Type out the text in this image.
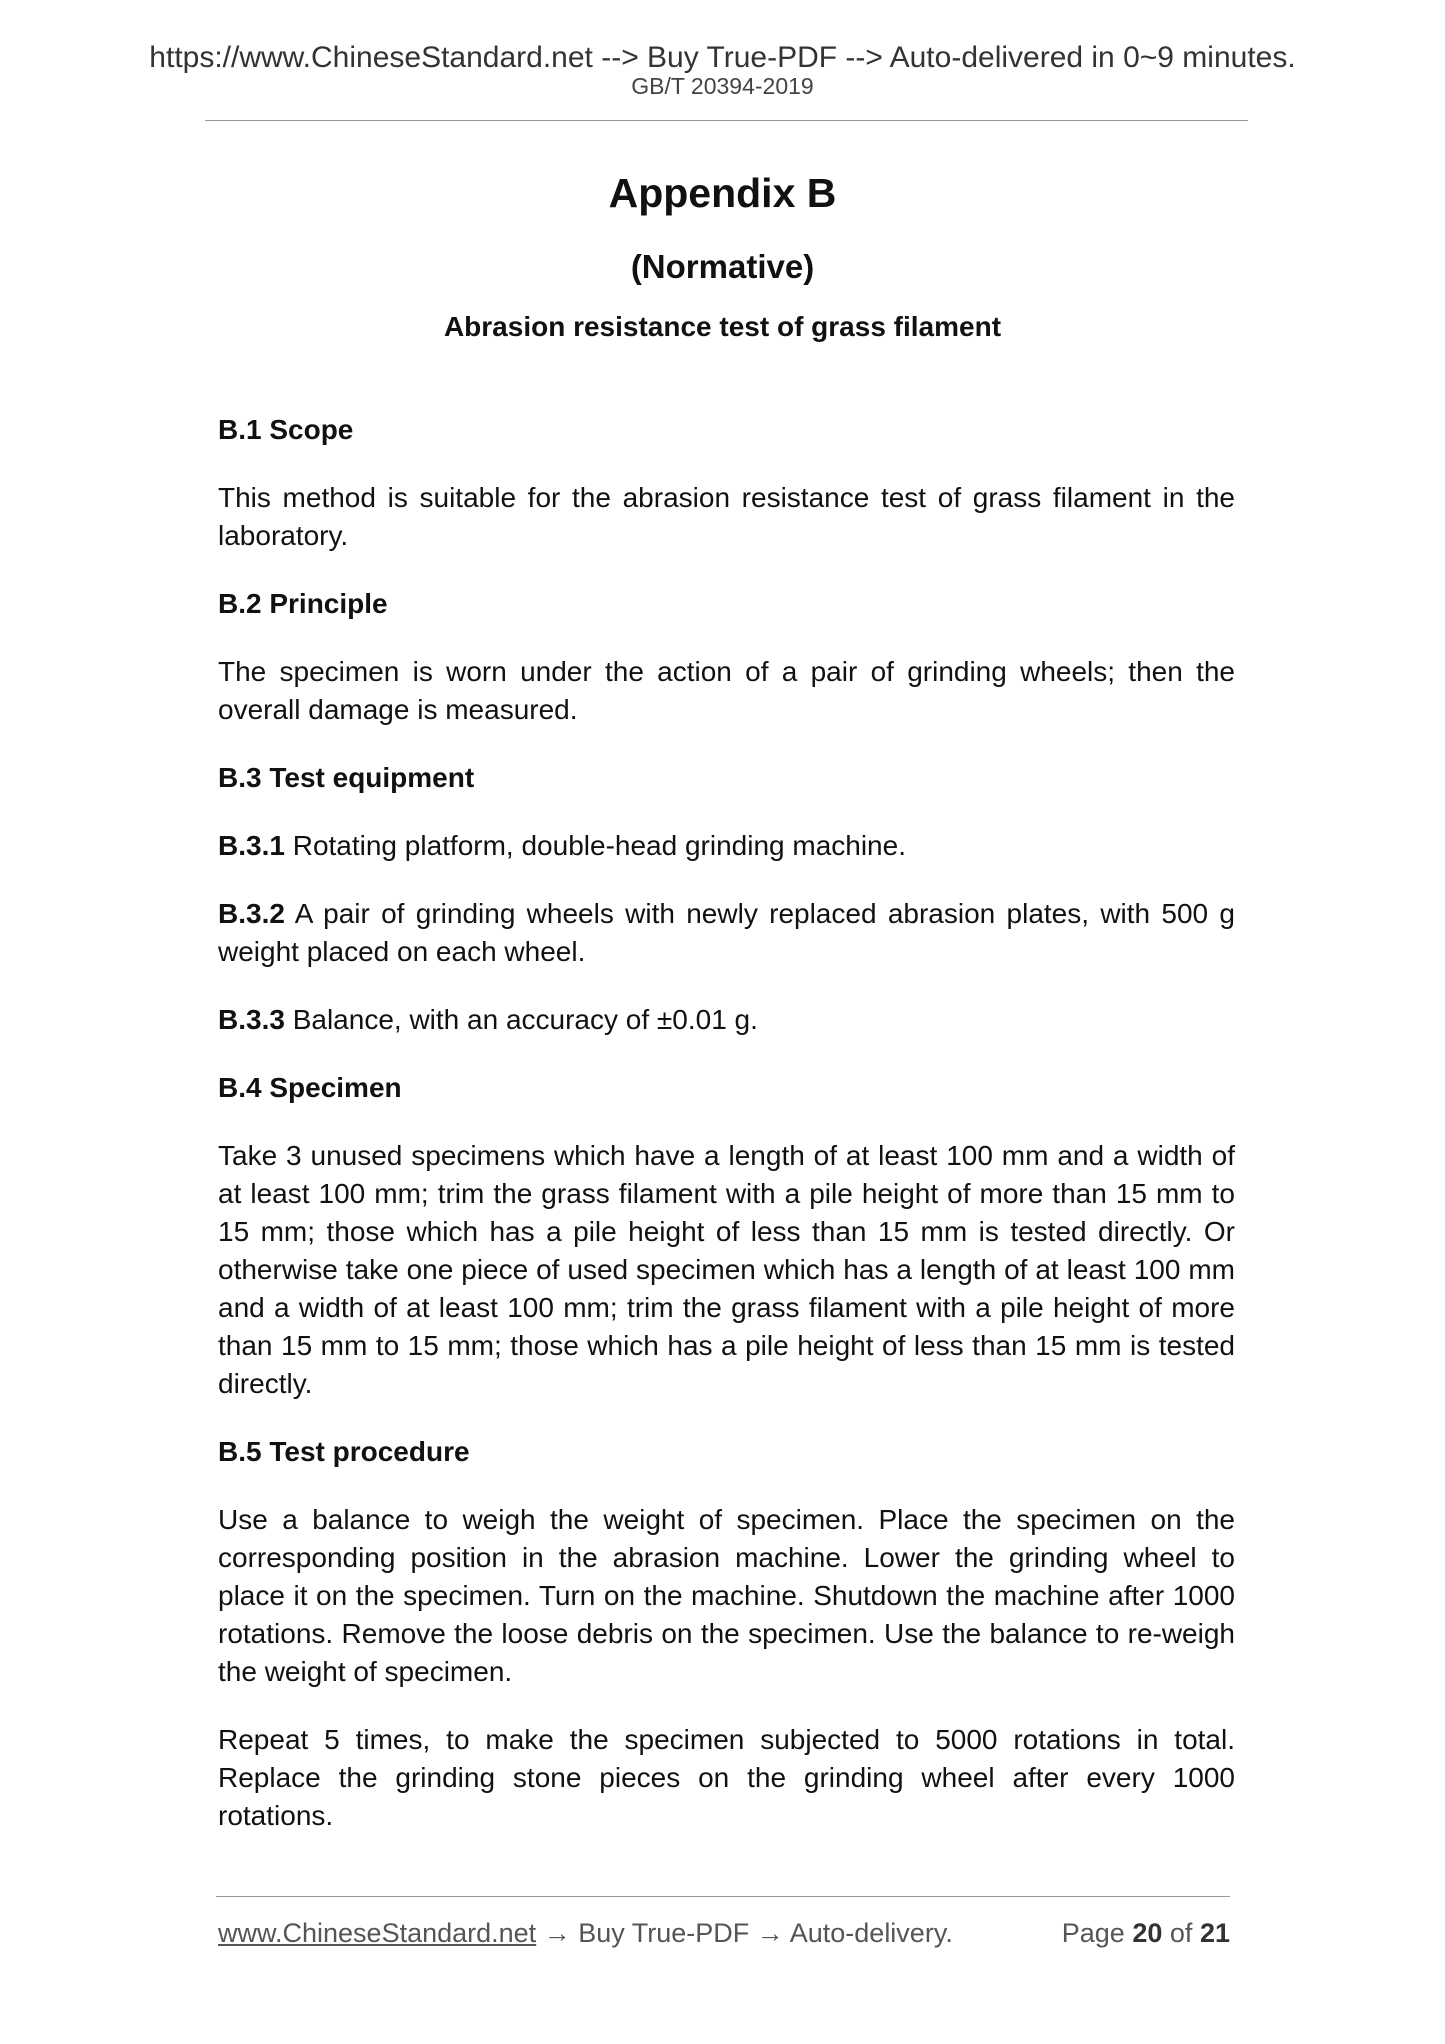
https://www.ChineseStandard.net --> Buy True-PDF --> Auto-delivered in 0~9 minutes.
GB/T 20394-2019
Appendix B
(Normative)
Abrasion resistance test of grass filament

B.1 Scope

This method is suitable for the abrasion resistance test of grass filament in the laboratory.

B.2 Principle

The specimen is worn under the action of a pair of grinding wheels; then the overall damage is measured.

B.3 Test equipment

B.3.1 Rotating platform, double-head grinding machine.

B.3.2 A pair of grinding wheels with newly replaced abrasion plates, with 500 g weight placed on each wheel.

B.3.3 Balance, with an accuracy of ±0.01 g.

B.4 Specimen

Take 3 unused specimens which have a length of at least 100 mm and a width of at least 100 mm; trim the grass filament with a pile height of more than 15 mm to 15 mm; those which has a pile height of less than 15 mm is tested directly. Or otherwise take one piece of used specimen which has a length of at least 100 mm and a width of at least 100 mm; trim the grass filament with a pile height of more than 15 mm to 15 mm; those which has a pile height of less than 15 mm is tested directly.

B.5 Test procedure

Use a balance to weigh the weight of specimen. Place the specimen on the corresponding position in the abrasion machine. Lower the grinding wheel to place it on the specimen. Turn on the machine. Shutdown the machine after 1000 rotations. Remove the loose debris on the specimen. Use the balance to re-weigh the weight of specimen.

Repeat 5 times, to make the specimen subjected to 5000 rotations in total. Replace the grinding stone pieces on the grinding wheel after every 1000 rotations.

www.ChineseStandard.net → Buy True-PDF → Auto-delivery.	Page 20 of 21
